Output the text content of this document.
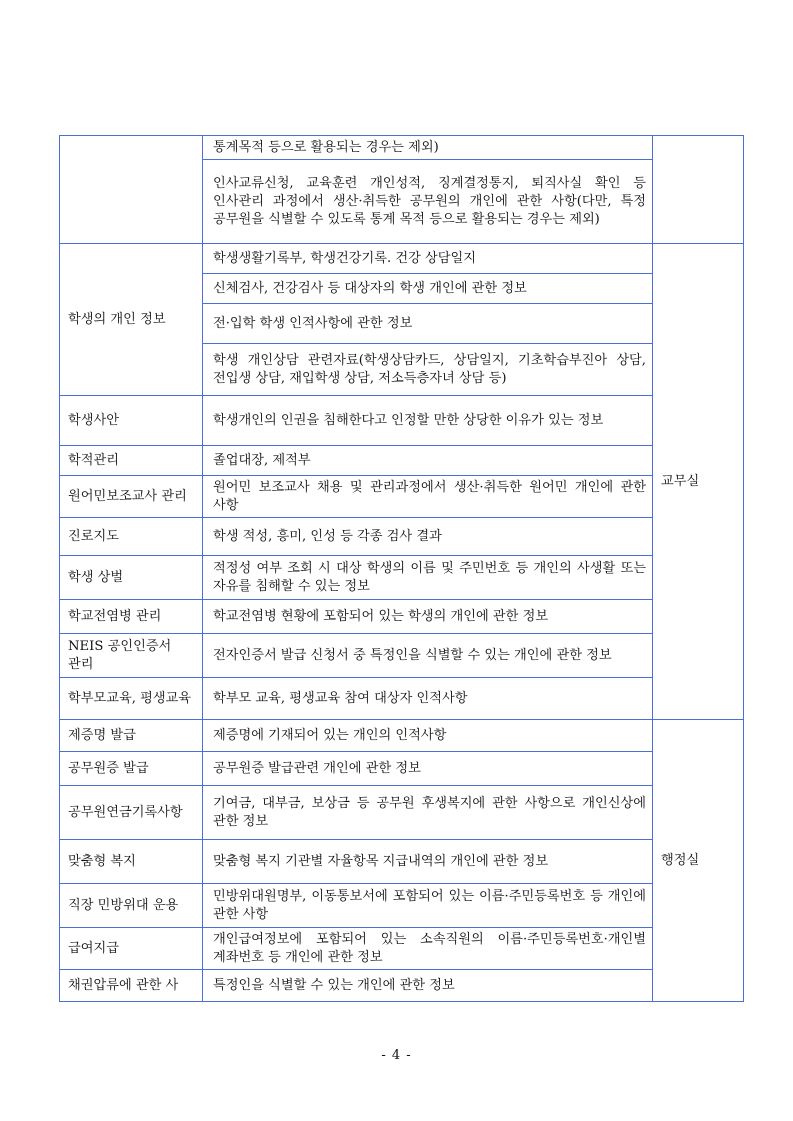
	통계목적 등으로 활용되는 경우는 제외)	
	인사교류신청, 교육훈련 개인성적, 징계결정통지, 퇴직사실 확인 등 인사관리 과정에서 생산·취득한 공무원의 개인에 관한 사항(다만, 특정 공무원을 식별할 수 있도록 통계 목적 등으로 활용되는 경우는 제외)	
학생의 개인 정보	학생생활기록부, 학생건강기록. 건강 상담일지	교무실
	신체검사, 건강검사 등 대상자의 학생 개인에 관한 정보	
	전·입학 학생 인적사항에 관한 정보	
	학생 개인상담 관련자료(학생상담카드, 상담일지, 기초학습부진아 상담, 전입생 상담, 재입학생 상담, 저소득층자녀 상담 등)	
학생사안	학생개인의 인권을 침해한다고 인정할 만한 상당한 이유가 있는 정보	
학적관리	졸업대장, 제적부	
원어민보조교사 관리	원어민 보조교사 채용 및 관리과정에서 생산·취득한 원어민 개인에 관한 사항	
진로지도	학생 적성, 흥미, 인성 등 각종 검사 결과	
학생 상벌	적정성 여부 조회 시 대상 학생의 이름 및 주민번호 등 개인의 사생활 또는 자유를 침해할 수 있는 정보	
학교전염병 관리	학교전염병 현황에 포함되어 있는 학생의 개인에 관한 정보	
NEIS 공인인증서 관리	전자인증서 발급 신청서 중 특정인을 식별할 수 있는 개인에 관한 정보	
학부모교육, 평생교육	학부모 교육, 평생교육 참여 대상자 인적사항	
제증명 발급	제증명에 기재되어 있는 개인의 인적사항	행정실
공무원증 발급	공무원증 발급관련 개인에 관한 정보	
공무원연금기록사항	기여금, 대부금, 보상금 등 공무원 후생복지에 관한 사항으로 개인신상에 관한 정보	
맞춤형 복지	맞춤형 복지 기관별 자율항목 지급내역의 개인에 관한 정보	
직장 민방위대 운용	민방위대원명부, 이동통보서에 포함되어 있는 이름·주민등록번호 등 개인에 관한 사항	
급여지급	개인급여정보에 포함되어 있는 소속직원의 이름·주민등록번호·개인별 계좌번호 등 개인에 관한 정보	
채권압류에 관한 사	특정인을 식별할 수 있는 개인에 관한 정보	
- 4 -
